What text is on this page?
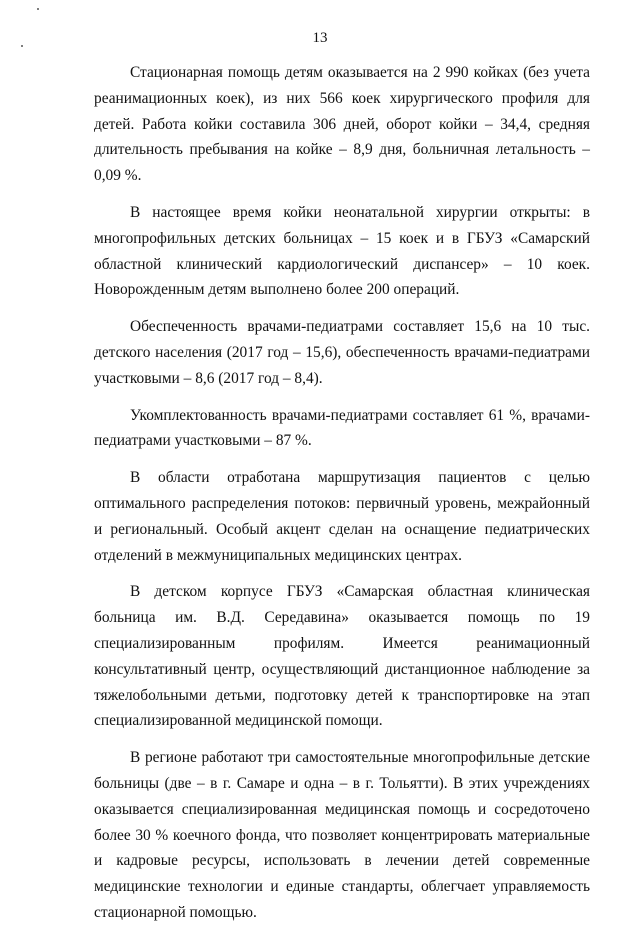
13

Стационарная помощь детям оказывается на 2 990 койках (без учета реанимационных коек), из них 566 коек хирургического профиля для детей. Работа койки составила 306 дней, оборот койки – 34,4, средняя длительность пребывания на койке – 8,9 дня, больничная летальность – 0,09 %.

В настоящее время койки неонатальной хирургии открыты: в многопрофильных детских больницах – 15 коек и в ГБУЗ «Самарский областной клинический кардиологический диспансер» – 10 коек. Новорожденным детям выполнено более 200 операций.

Обеспеченность врачами-педиатрами составляет 15,6 на 10 тыс. детского населения (2017 год – 15,6), обеспеченность врачами-педиатрами участковыми – 8,6 (2017 год – 8,4).

Укомплектованность врачами-педиатрами составляет 61 %, врачами-педиатрами участковыми – 87 %.

В области отработана маршрутизация пациентов с целью оптимального распределения потоков: первичный уровень, межрайонный и региональный. Особый акцент сделан на оснащение педиатрических отделений в межмуниципальных медицинских центрах.

В детском корпусе ГБУЗ «Самарская областная клиническая больница им. В.Д. Середавина» оказывается помощь по 19 специализированным профилям. Имеется реанимационный консультативный центр, осуществляющий дистанционное наблюдение за тяжелобольными детьми, подготовку детей к транспортировке на этап специализированной медицинской помощи.

В регионе работают три самостоятельные многопрофильные детские больницы (две – в г. Самаре и одна – в г. Тольятти). В этих учреждениях оказывается специализированная медицинская помощь и сосредоточено более 30 % коечного фонда, что позволяет концентрировать материальные и кадровые ресурсы, использовать в лечении детей современные медицинские технологии и единые стандарты, облегчает управляемость стационарной помощью.
